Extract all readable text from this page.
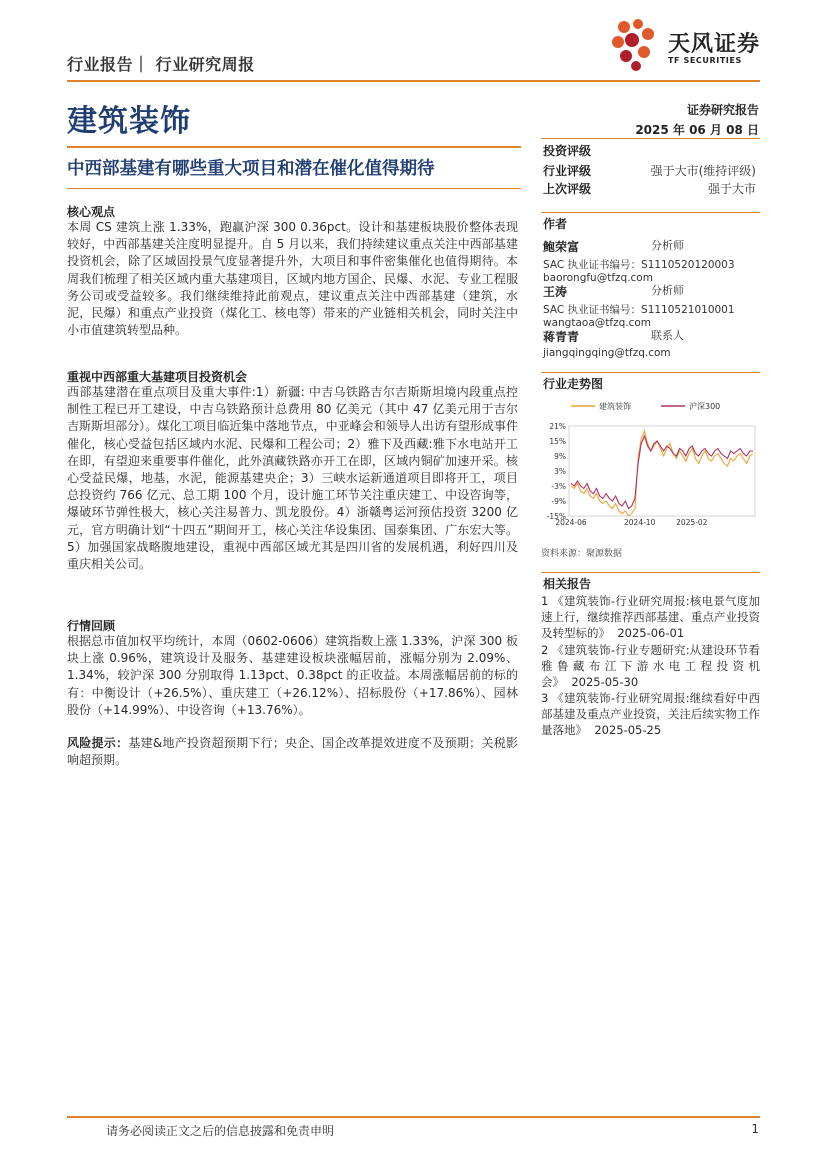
行业报告｜ 行业研究周报
天风证券
TF SECURITIES
建筑装饰	证券研究报告
2025 年 06 月 08 日
中西部基建有哪些重大项目和潜在催化值得期待
核心观点
本周 CS 建筑上涨 1.33%，跑赢沪深 300 0.36pct。设计和基建板块股价整体表现较好，中西部基建关注度明显提升。自 5 月以来，我们持续建议重点关注中西部基建投资机会，除了区域固投景气度显著提升外，大项目和事件密集催化也值得期待。本周我们梳理了相关区域内重大基建项目，区域内地方国企、民爆、水泥、专业工程服务公司或受益较多。我们继续维持此前观点，建议重点关注中西部基建（建筑，水泥，民爆）和重点产业投资（煤化工、核电等）带来的产业链相关机会，同时关注中小市值建筑转型品种。
重视中西部重大基建项目投资机会
西部基建潜在重点项目及重大事件:1）新疆: 中吉乌铁路吉尔吉斯斯坦境内段重点控制性工程已开工建设，中吉乌铁路预计总费用 80 亿美元（其中 47 亿美元用于吉尔吉斯斯坦部分）。煤化工项目临近集中落地节点，中亚峰会和领导人出访有望形成事件催化，核心受益包括区域内水泥、民爆和工程公司；2）雅下及西藏:雅下水电站开工在即，有望迎来重要事件催化，此外滇藏铁路亦开工在即，区域内铜矿加速开采。核心受益民爆，地基，水泥，能源基建央企；3）三峡水运新通道项目即将开工，项目总投资约 766 亿元、总工期 100 个月，设计施工环节关注重庆建工、中设咨询等，爆破环节弹性极大，核心关注易普力、凯龙股份。4）浙赣粤运河预估投资 3200 亿元，官方明确计划“十四五”期间开工，核心关注华设集团、国泰集团、广东宏大等。5）加强国家战略腹地建设，重视中西部区域尤其是四川省的发展机遇，利好四川及重庆相关公司。
行情回顾
根据总市值加权平均统计，本周（0602-0606）建筑指数上涨 1.33%，沪深 300 板块上涨 0.96%，建筑设计及服务、基建建设板块涨幅居前，涨幅分别为 2.09%、1.34%，较沪深 300 分别取得 1.13pct、0.38pct 的正收益。本周涨幅居前的标的有：中衡设计（+26.5%）、重庆建工（+26.12%）、招标股份（+17.86%）、园林股份（+14.99%）、中设咨询（+13.76%）。
风险提示：基建&地产投资超预期下行；央企、国企改革提效进度不及预期；关税影响超预期。
投资评级
行业评级	强于大市(维持评级)
上次评级	强于大市
作者
鲍荣富	分析师
SAC 执业证书编号：S1110520120003
baorongfu@tfzq.com
王涛	分析师
SAC 执业证书编号：S1110521010001
wangtaoa@tfzq.com
蒋青青	联系人
jiangqingqing@tfzq.com
行业走势图
21%
15%
9%
3%
-3%
-9%
-15%
2024-06	2024-10	2025-02
建筑装饰	沪深300
资料来源：聚源数据
相关报告
1 《建筑装饰-行业研究周报:核电景气度加速上行，继续推荐西部基建、重点产业投资及转型标的》 2025-06-01
2 《建筑装饰-行业专题研究:从建设环节看雅鲁藏布江下游水电工程投资机会》 2025-05-30
3 《建筑装饰-行业研究周报:继续看好中西部基建及重点产业投资，关注后续实物工作量落地》 2025-05-25
请务必阅读正文之后的信息披露和免责申明	1
